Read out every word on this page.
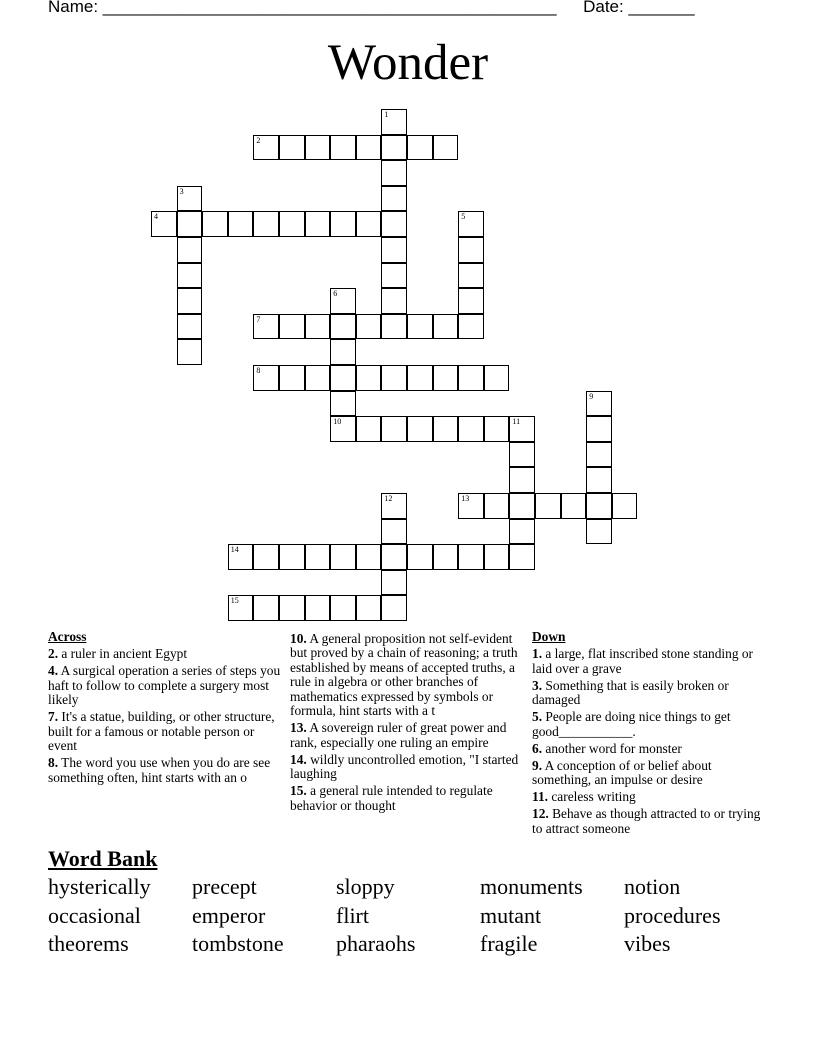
Name: ________________________________________________ Date: _______
Wonder
1
2
3
4	5
6
7
8
9
10	11
12	13
14
15
Across
2. a ruler in ancient Egypt
4. A surgical operation a series of steps you haft to follow to complete a surgery most likely
7. It's a statue, building, or other structure, built for a famous or notable person or event
8. The word you use when you do are see something often, hint starts with an o
10. A general proposition not self-evident but proved by a chain of reasoning; a truth established by means of accepted truths, a rule in algebra or other branches of mathematics expressed by symbols or formula, hint starts with a t
13. A sovereign ruler of great power and rank, especially one ruling an empire
14. wildly uncontrolled emotion, "I started laughing
15. a general rule intended to regulate behavior or thought
Down
1. a large, flat inscribed stone standing or laid over a grave
3. Something that is easily broken or damaged
5. People are doing nice things to get good___________.
6. another word for monster
9. A conception of or belief about something, an impulse or desire
11. careless writing
12. Behave as though attracted to or trying to attract someone
Word Bank
hysterically	precept	sloppy	monuments	notion
occasional	emperor	flirt	mutant	procedures
theorems	tombstone	pharaohs	fragile	vibes
